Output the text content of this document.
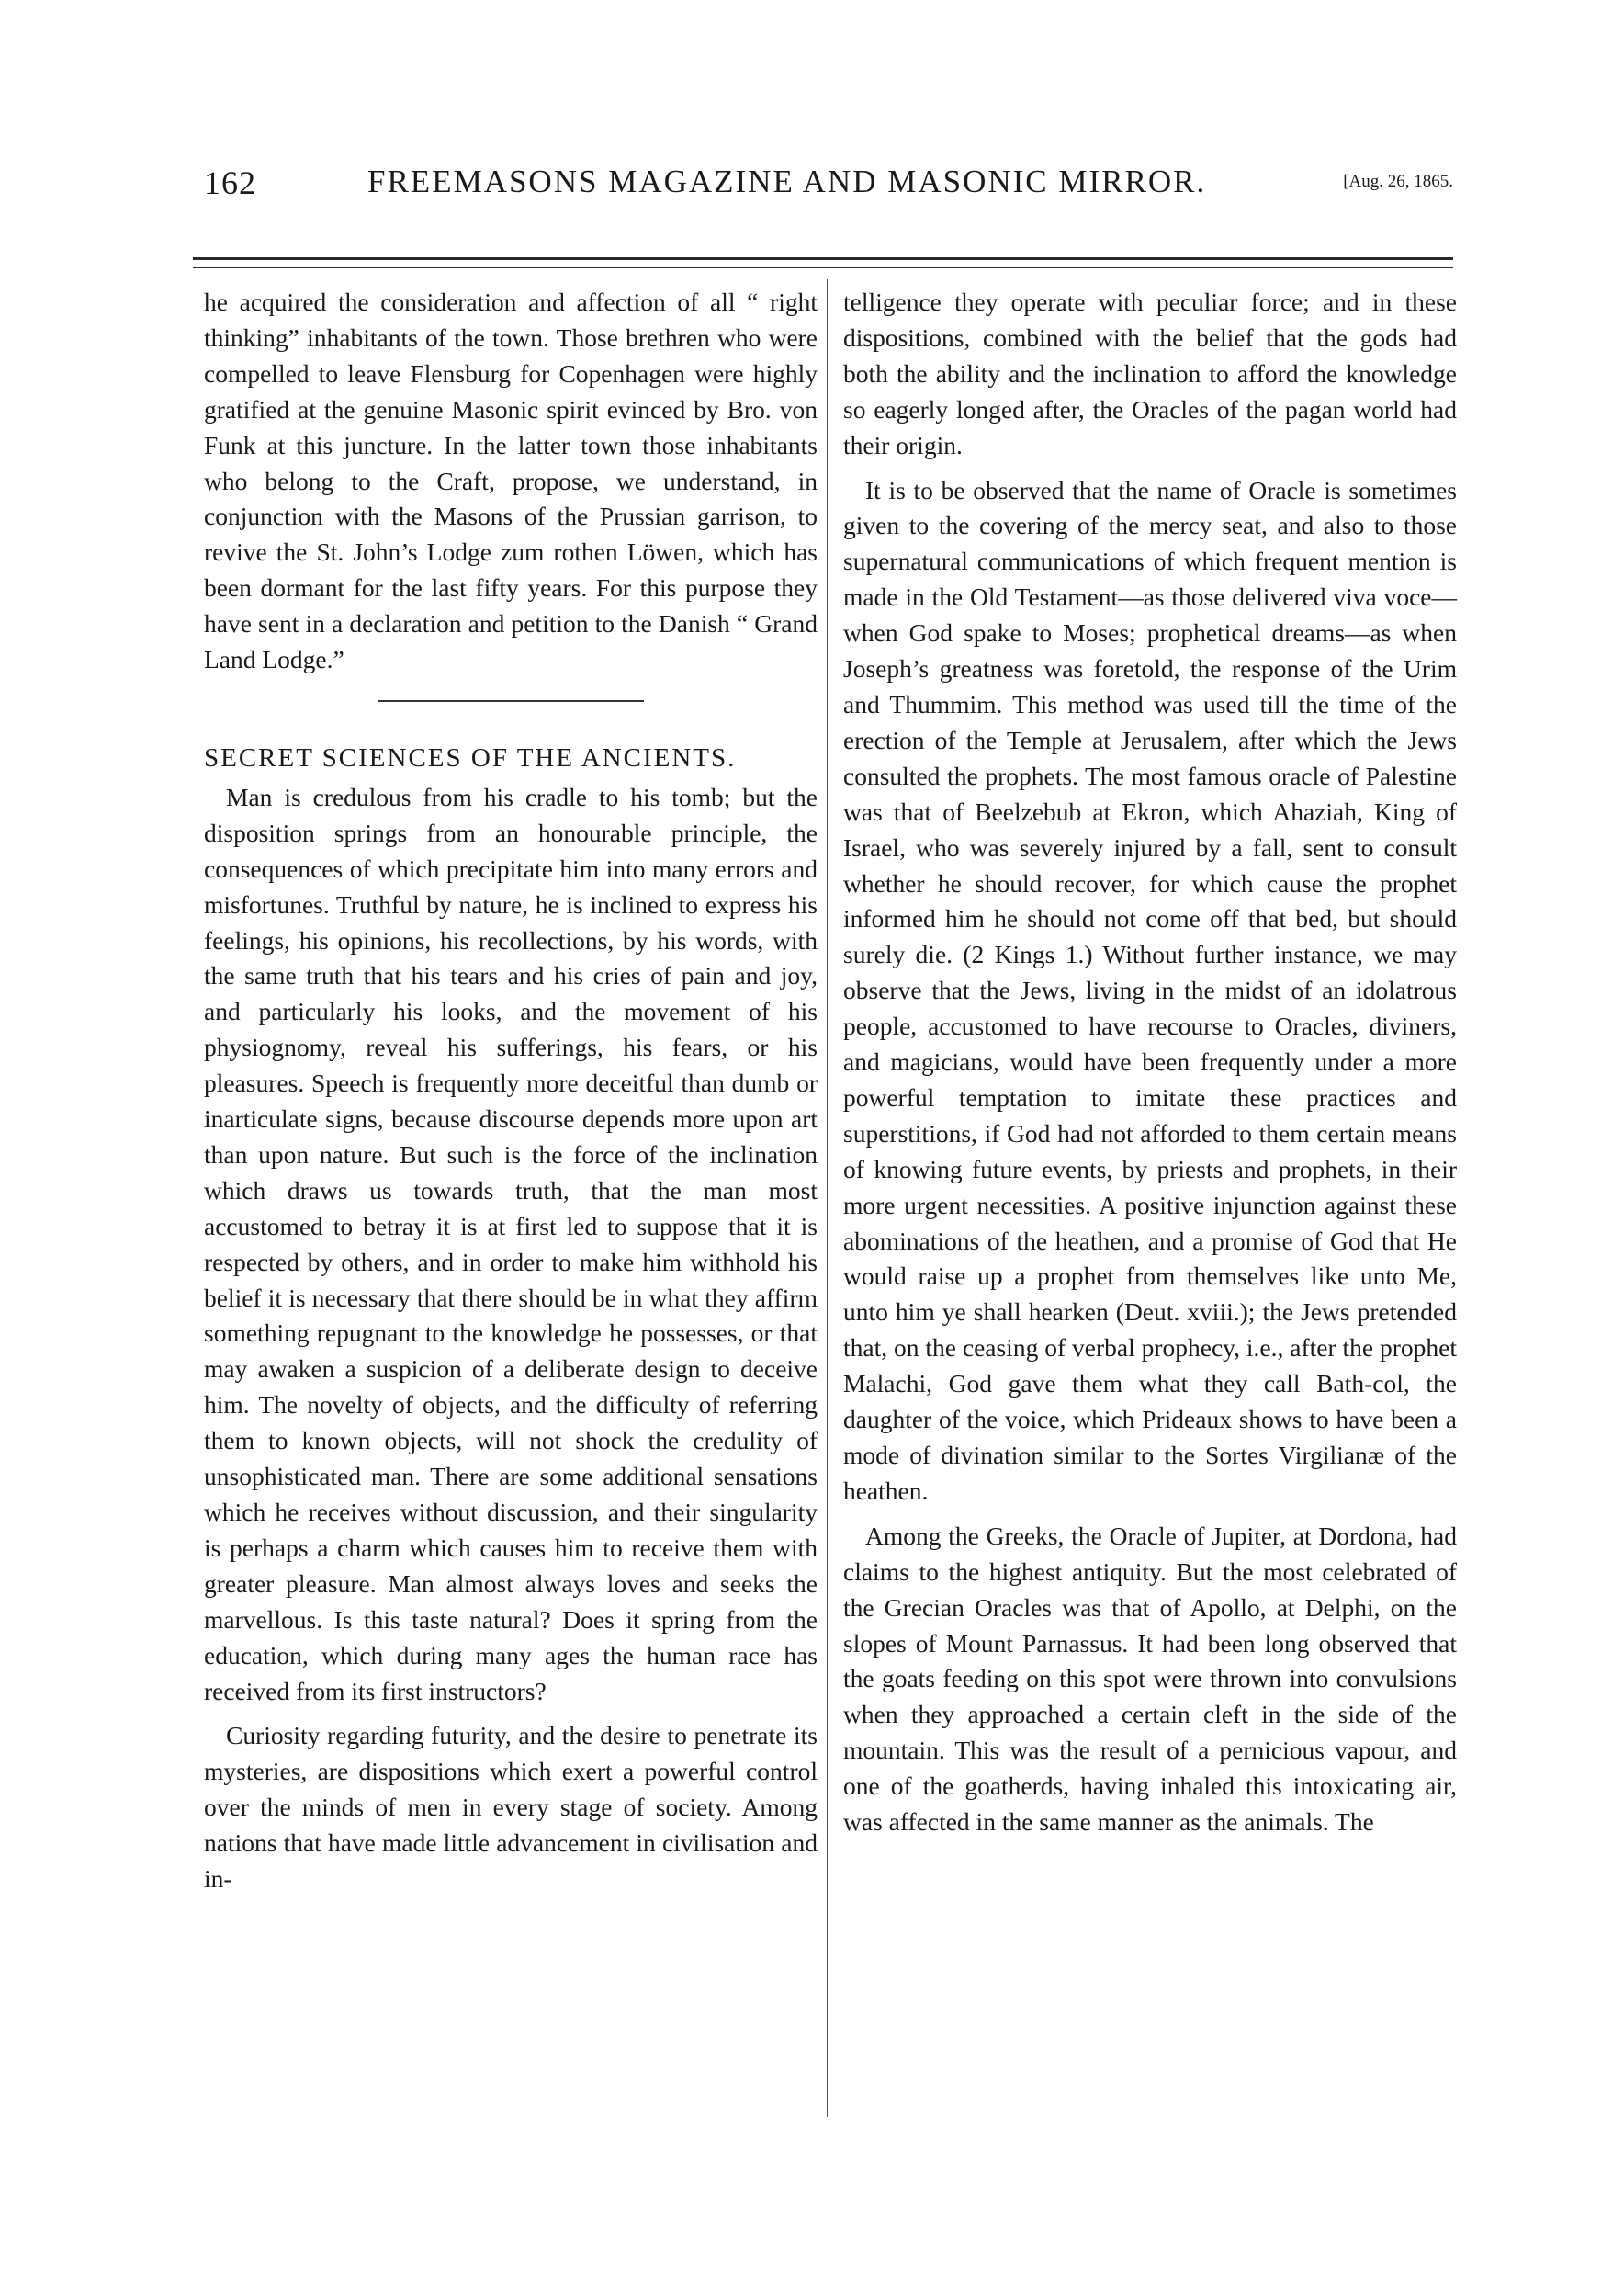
162	FREEMASONS MAGAZINE AND MASONIC MIRROR.	[Aug. 26, 1865.

he acquired the consideration and affection of all “ right thinking” inhabitants of the town. Those brethren who were compelled to leave Flensburg for Copenhagen were highly gratified at the genuine Masonic spirit evinced by Bro. von Funk at this juncture. In the latter town those inhabitants who belong to the Craft, propose, we understand, in conjunction with the Masons of the Prussian garrison, to revive the St. John’s Lodge zum rothen Löwen, which has been dormant for the last fifty years. For this purpose they have sent in a declaration and petition to the Danish “ Grand Land Lodge.”

SECRET SCIENCES OF THE ANCIENTS.

Man is credulous from his cradle to his tomb; but the disposition springs from an honourable principle, the consequences of which precipitate him into many errors and misfortunes. Truthful by nature, he is inclined to express his feelings, his opinions, his recollections, by his words, with the same truth that his tears and his cries of pain and joy, and particularly his looks, and the movement of his physiognomy, reveal his sufferings, his fears, or his pleasures. Speech is frequently more deceitful than dumb or inarticulate signs, because discourse depends more upon art than upon nature. But such is the force of the inclination which draws us towards truth, that the man most accustomed to betray it is at first led to suppose that it is respected by others, and in order to make him withhold his belief it is necessary that there should be in what they affirm something repugnant to the knowledge he possesses, or that may awaken a suspicion of a deliberate design to deceive him. The novelty of objects, and the difficulty of referring them to known objects, will not shock the credulity of unsophisticated man. There are some additional sensations which he receives without discussion, and their singularity is perhaps a charm which causes him to receive them with greater pleasure. Man almost always loves and seeks the marvellous. Is this taste natural? Does it spring from the education, which during many ages the human race has received from its first instructors?

Curiosity regarding futurity, and the desire to penetrate its mysteries, are dispositions which exert a powerful control over the minds of men in every stage of society. Among nations that have made little advancement in civilisation and in-

telligence they operate with peculiar force; and in these dispositions, combined with the belief that the gods had both the ability and the inclination to afford the knowledge so eagerly longed after, the Oracles of the pagan world had their origin.

It is to be observed that the name of Oracle is sometimes given to the covering of the mercy seat, and also to those supernatural communications of which frequent mention is made in the Old Testament—as those delivered viva voce—when God spake to Moses; prophetical dreams—as when Joseph’s greatness was foretold, the response of the Urim and Thummim. This method was used till the time of the erection of the Temple at Jerusalem, after which the Jews consulted the prophets. The most famous oracle of Palestine was that of Beelzebub at Ekron, which Ahaziah, King of Israel, who was severely injured by a fall, sent to consult whether he should recover, for which cause the prophet informed him he should not come off that bed, but should surely die. (2 Kings 1.) Without further instance, we may observe that the Jews, living in the midst of an idolatrous people, accustomed to have recourse to Oracles, diviners, and magicians, would have been frequently under a more powerful temptation to imitate these practices and superstitions, if God had not afforded to them certain means of knowing future events, by priests and prophets, in their more urgent necessities. A positive injunction against these abominations of the heathen, and a promise of God that He would raise up a prophet from themselves like unto Me, unto him ye shall hearken (Deut. xviii.); the Jews pretended that, on the ceasing of verbal prophecy, i.e., after the prophet Malachi, God gave them what they call Bath-col, the daughter of the voice, which Prideaux shows to have been a mode of divination similar to the Sortes Virgilianæ of the heathen.

Among the Greeks, the Oracle of Jupiter, at Dordona, had claims to the highest antiquity. But the most celebrated of the Grecian Oracles was that of Apollo, at Delphi, on the slopes of Mount Parnassus. It had been long observed that the goats feeding on this spot were thrown into convulsions when they approached a certain cleft in the side of the mountain. This was the result of a pernicious vapour, and one of the goatherds, having inhaled this intoxicating air, was affected in the same manner as the animals. The
